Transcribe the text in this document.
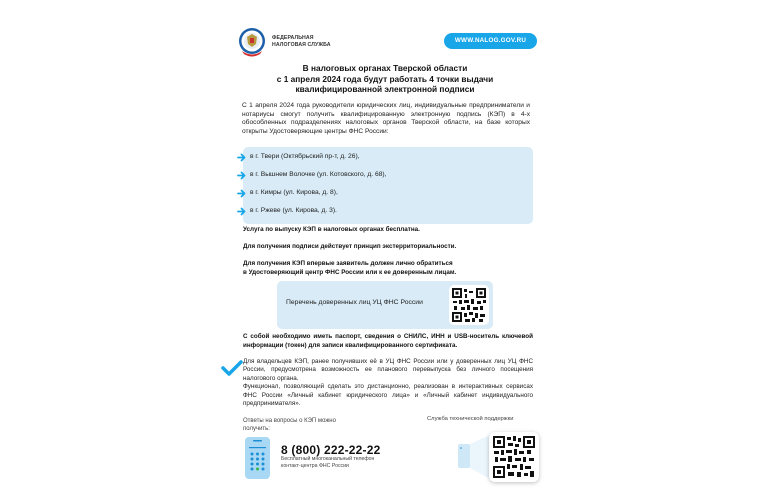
ФЕДЕРАЛЬНАЯ
НАЛОГОВАЯ СЛУЖБА
WWW.NALOG.GOV.RU
В налоговых органах Тверской области
с 1 апреля 2024 года будут работать 4 точки выдачи
квалифицированной электронной подписи
С 1 апреля 2024 года руководители юридических лиц, индивидуальные предприниматели и нотариусы смогут получить квалифицированную электронную подпись (КЭП) в 4-х обособленных подразделениях налоговых органов Тверской области, на базе которых открыты Удостоверяющие центры ФНС России:
в г. Твери (Октябрьский пр-т, д. 26),
в г. Вышнем Волочке (ул. Котовского, д. 68),
в г. Кимры (ул. Кирова, д. 8),
в г. Ржеве (ул. Кирова, д. 3).
Услуга по выпуску КЭП в налоговых органах бесплатна.
Для получения подписи действует принцип экстерриториальности.
Для получения КЭП впервые заявитель должен лично обратиться
в Удостоверяющий центр ФНС России или к ее доверенным лицам.
Перечень доверенных лиц УЦ ФНС России
С собой необходимо иметь паспорт, сведения о СНИЛС, ИНН и USB-носитель ключевой информации (токен) для записи квалифицированного сертификата.
Для владельцев КЭП, ранее получивших её в УЦ ФНС России или у доверенных лиц УЦ ФНС России, предусмотрена возможность ее планового перевыпуска без личного посещения налогового органа.
Функционал, позволяющий сделать это дистанционно, реализован в интерактивных сервисах ФНС России «Личный кабинет юридического лица» и «Личный кабинет индивидуального предпринимателя».
Ответы на вопросы о КЭП можно получить:
8 (800) 222-22-22
Бесплатный многоканальный телефон
контакт-центра ФНС России
Служба технической поддержки
